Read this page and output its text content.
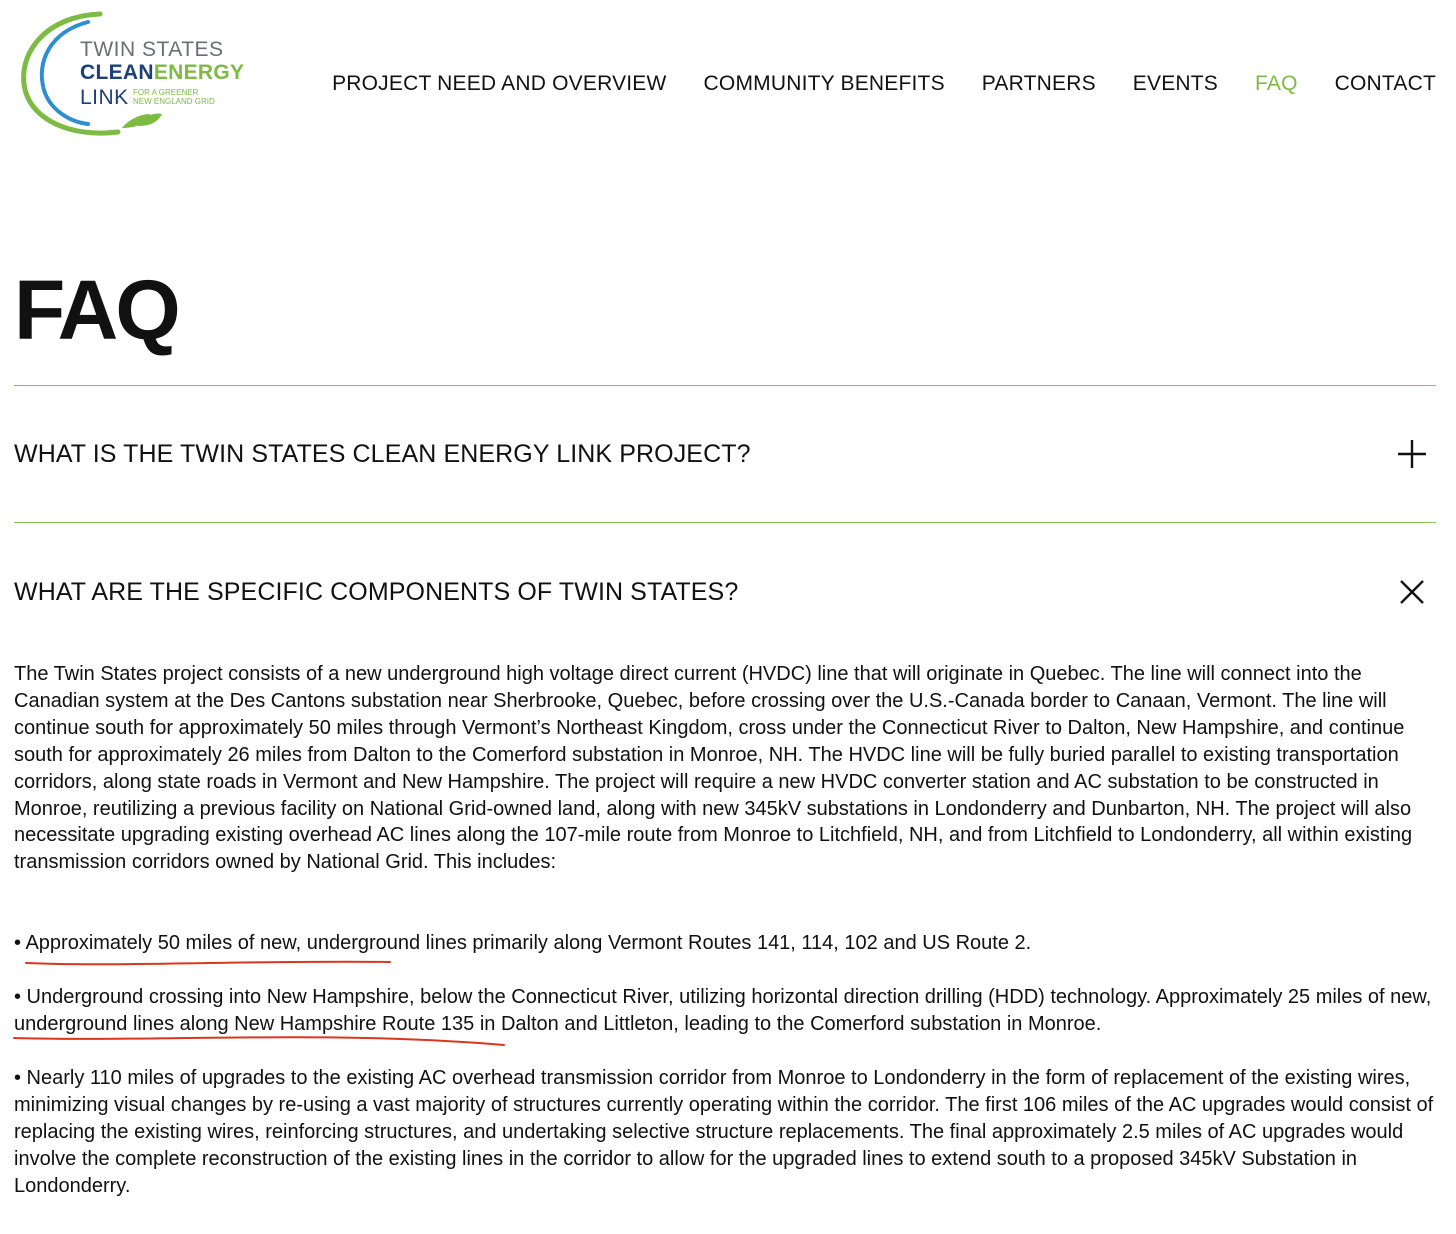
TWIN STATES
CLEANENERGY
LINK FOR A GREENER
NEW ENGLAND GRID
PROJECT NEED AND OVERVIEW COMMUNITY BENEFITS PARTNERS EVENTS FAQ CONTACT
FAQ
WHAT IS THE TWIN STATES CLEAN ENERGY LINK PROJECT?
WHAT ARE THE SPECIFIC COMPONENTS OF TWIN STATES?
The Twin States project consists of a new underground high voltage direct current (HVDC) line that will originate in Quebec. The line will connect into the Canadian system at the Des Cantons substation near Sherbrooke, Quebec, before crossing over the U.S.-Canada border to Canaan, Vermont. The line will continue south for approximately 50 miles through Vermont’s Northeast Kingdom, cross under the Connecticut River to Dalton, New Hampshire, and continue south for approximately 26 miles from Dalton to the Comerford substation in Monroe, NH. The HVDC line will be fully buried parallel to existing transportation corridors, along state roads in Vermont and New Hampshire. The project will require a new HVDC converter station and AC substation to be constructed in Monroe, reutilizing a previous facility on National Grid-owned land, along with new 345kV substations in Londonderry and Dunbarton, NH. The project will also necessitate upgrading existing overhead AC lines along the 107-mile route from Monroe to Litchfield, NH, and from Litchfield to Londonderry, all within existing transmission corridors owned by National Grid. This includes:
• Approximately 50 miles of new, underground lines primarily along Vermont Routes 141, 114, 102 and US Route 2.
• Underground crossing into New Hampshire, below the Connecticut River, utilizing horizontal direction drilling (HDD) technology. Approximately 25 miles of new, underground lines along New Hampshire Route 135 in Dalton and Littleton, leading to the Comerford substation in Monroe.
• Nearly 110 miles of upgrades to the existing AC overhead transmission corridor from Monroe to Londonderry in the form of replacement of the existing wires, minimizing visual changes by re-using a vast majority of structures currently operating within the corridor. The first 106 miles of the AC upgrades would consist of replacing the existing wires, reinforcing structures, and undertaking selective structure replacements. The final approximately 2.5 miles of AC upgrades would involve the complete reconstruction of the existing lines in the corridor to allow for the upgraded lines to extend south to a proposed 345kV Substation in Londonderry.
